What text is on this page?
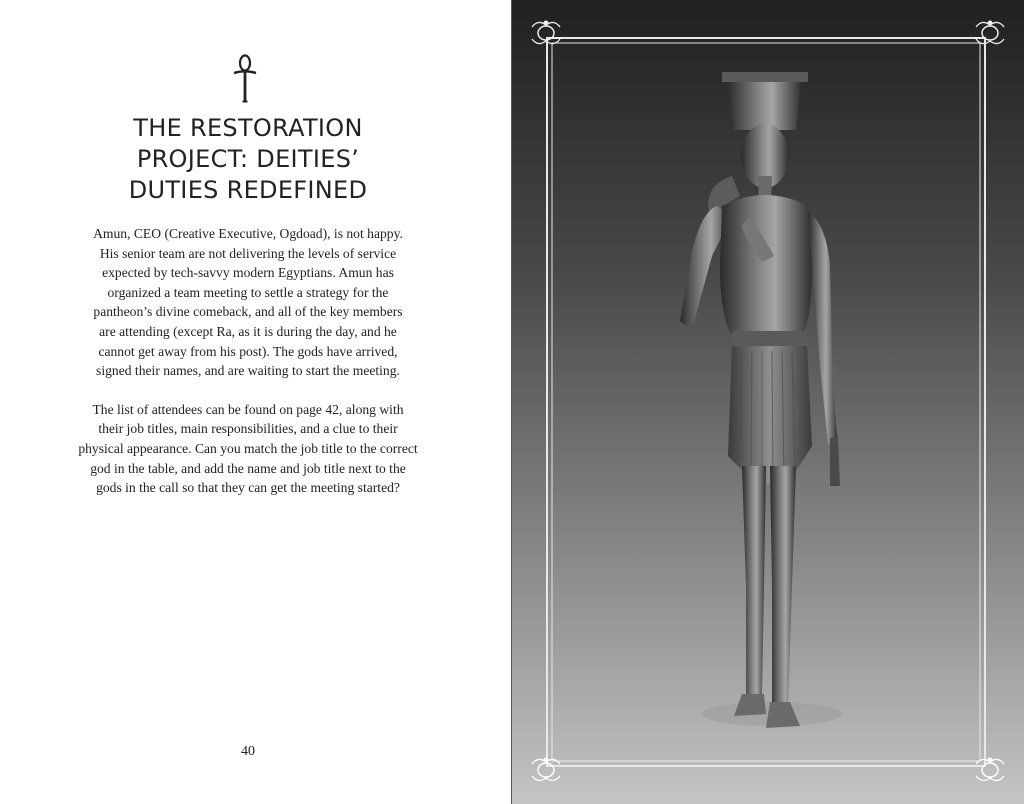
THE RESTORATION
PROJECT: DEITIES’
DUTIES REDEFINED

Amun, CEO (Creative Executive, Ogdoad), is not happy.
His senior team are not delivering the levels of service
expected by tech-savvy modern Egyptians. Amun has
organized a team meeting to settle a strategy for the
pantheon’s divine comeback, and all of the key members
are attending (except Ra, as it is during the day, and he
cannot get away from his post). The gods have arrived,
signed their names, and are waiting to start the meeting.

The list of attendees can be found on page 42, along with
their job titles, main responsibilities, and a clue to their
physical appearance. Can you match the job title to the correct
god in the table, and add the name and job title next to the
gods in the call so that they can get the meeting started?

40
